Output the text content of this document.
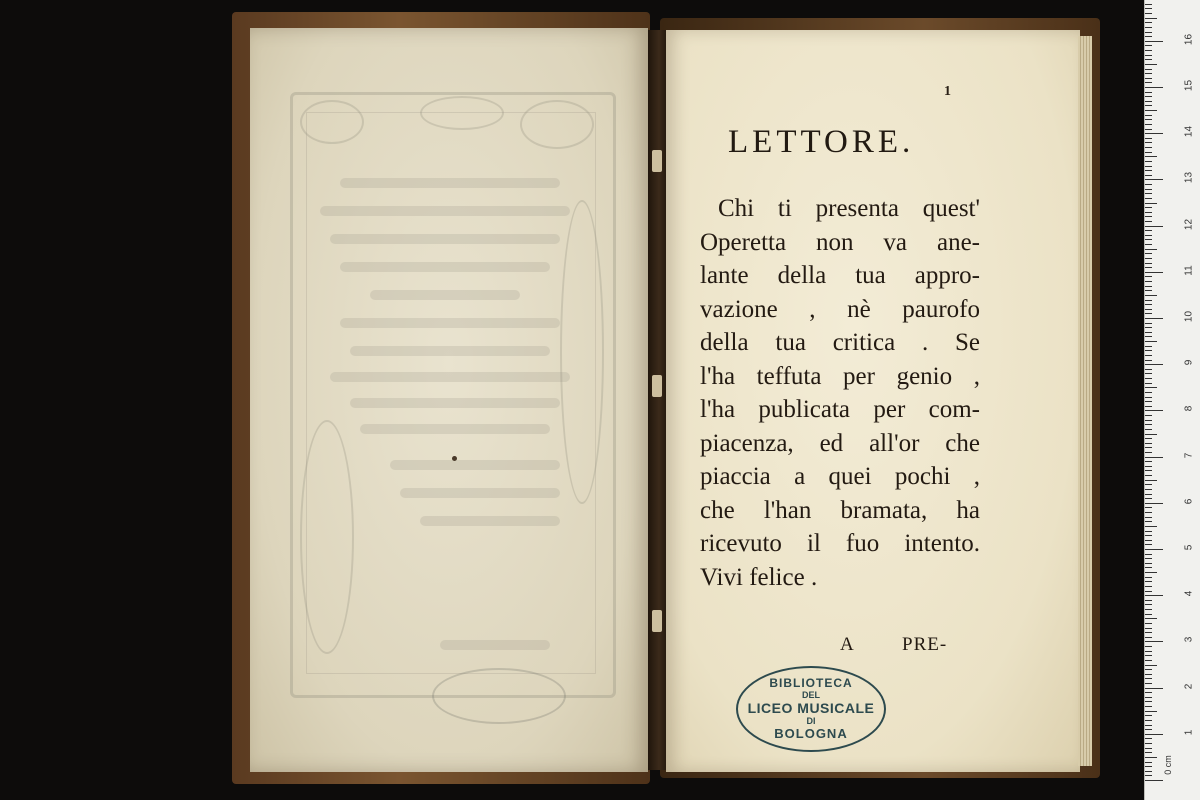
1
LETTORE.
Chi ti presenta quest'
Operetta non va ane-
lante della tua appro-
vazione , nè paurofo
della tua critica . Se
l'ha teffuta per genio ,
l'ha publicata per com-
piacenza, ed all'or che
piaccia a quei pochi ,
che l'han bramata, ha
ricevuto il fuo intento.
Vivi felice .
A	PRE-
BIBLIOTECA
DEL
LICEO MUSICALE
DI
BOLOGNA	1
2
3
4
5
6
7
8
9
10
11
12
13
14
15
16
0 cm
